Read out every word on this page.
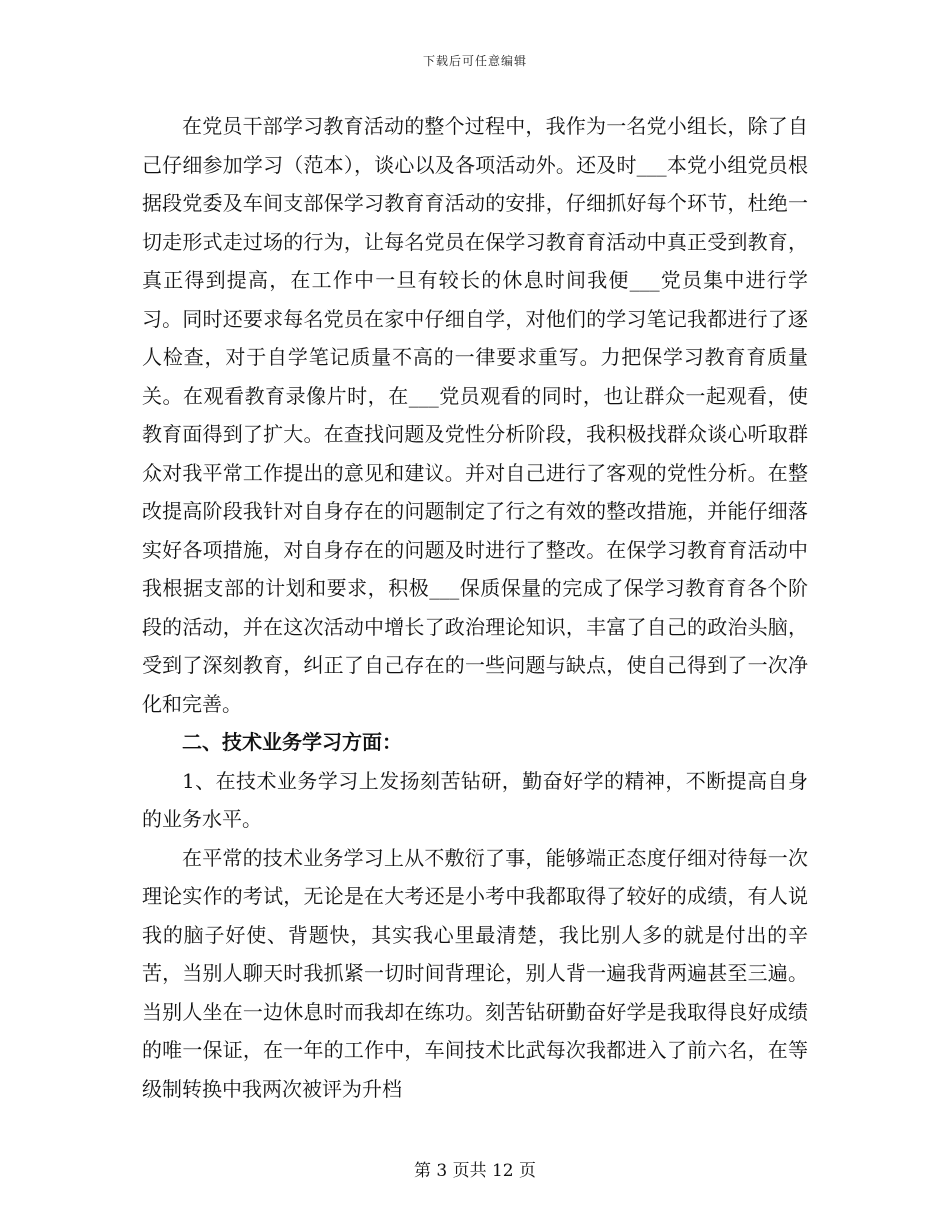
下载后可任意编辑

在党员干部学习教育活动的整个过程中，我作为一名党小组长，除了自己仔细参加学习（范本），谈心以及各项活动外。还及时___本党小组党员根据段党委及车间支部保学习教育育活动的安排，仔细抓好每个环节，杜绝一切走形式走过场的行为，让每名党员在保学习教育育活动中真正受到教育，真正得到提高，在工作中一旦有较长的休息时间我便___党员集中进行学习。同时还要求每名党员在家中仔细自学，对他们的学习笔记我都进行了逐人检查，对于自学笔记质量不高的一律要求重写。力把保学习教育育质量关。在观看教育录像片时，在___党员观看的同时，也让群众一起观看，使教育面得到了扩大。在查找问题及党性分析阶段，我积极找群众谈心听取群众对我平常工作提出的意见和建议。并对自己进行了客观的党性分析。在整改提高阶段我针对自身存在的问题制定了行之有效的整改措施，并能仔细落实好各项措施，对自身存在的问题及时进行了整改。在保学习教育育活动中我根据支部的计划和要求，积极___保质保量的完成了保学习教育育各个阶段的活动，并在这次活动中增长了政治理论知识，丰富了自己的政治头脑，受到了深刻教育，纠正了自己存在的一些问题与缺点，使自己得到了一次净化和完善。

二、技术业务学习方面：

1、在技术业务学习上发扬刻苦钻研，勤奋好学的精神，不断提高自身的业务水平。

在平常的技术业务学习上从不敷衍了事，能够端正态度仔细对待每一次理论实作的考试，无论是在大考还是小考中我都取得了较好的成绩，有人说我的脑子好使、背题快，其实我心里最清楚，我比别人多的就是付出的辛苦，当别人聊天时我抓紧一切时间背理论，别人背一遍我背两遍甚至三遍。当别人坐在一边休息时而我却在练功。刻苦钻研勤奋好学是我取得良好成绩的唯一保证，在一年的工作中，车间技术比武每次我都进入了前六名，在等级制转换中我两次被评为升档

第 3 页共 12 页
